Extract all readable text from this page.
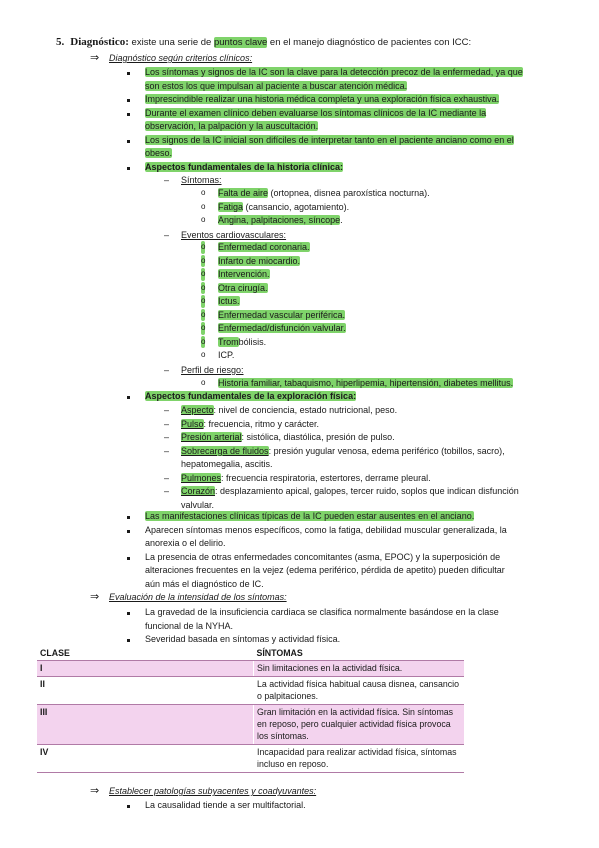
5. Diagnóstico: existe una serie de puntos clave en el manejo diagnóstico de pacientes con ICC:
⇒ Diagnóstico según criterios clínicos:
Los síntomas y signos de la IC son la clave para la detección precoz de la enfermedad, ya que
son estos los que impulsan al paciente a buscar atención médica.
Imprescindible realizar una historia médica completa y una exploración física exhaustiva.
Durante el examen clínico deben evaluarse los síntomas clínicos de la IC mediante la
observación, la palpación y la auscultación.
Los signos de la IC inicial son difíciles de interpretar tanto en el paciente anciano como en el
obeso.
Aspectos fundamentales de la historia clínica:
– Síntomas:
o Falta de aire (ortopnea, disnea paroxística nocturna).
o Fatiga (cansancio, agotamiento).
o Angina, palpitaciones, síncope.
– Eventos cardiovasculares:
o Enfermedad coronaria.
o Infarto de miocardio.
o Intervención.
o Otra cirugía.
o Ictus.
o Enfermedad vascular periférica.
o Enfermedad/disfunción valvular.
o Trombólisis.
o ICP.
– Perfil de riesgo:
o Historia familiar, tabaquismo, hiperlipemia, hipertensión, diabetes mellitus.
Aspectos fundamentales de la exploración física:
– Aspecto: nivel de conciencia, estado nutricional, peso.
– Pulso: frecuencia, ritmo y carácter.
– Presión arterial: sistólica, diastólica, presión de pulso.
– Sobrecarga de fluidos: presión yugular venosa, edema periférico (tobillos, sacro),
hepatomegalia, ascitis.
– Pulmones: frecuencia respiratoria, estertores, derrame pleural.
– Corazón: desplazamiento apical, galopes, tercer ruido, soplos que indican disfunción
valvular.
Las manifestaciones clínicas típicas de la IC pueden estar ausentes en el anciano.
Aparecen síntomas menos específicos, como la fatiga, debilidad muscular generalizada, la
anorexia o el delirio.
La presencia de otras enfermedades concomitantes (asma, EPOC) y la superposición de
alteraciones frecuentes en la vejez (edema periférico, pérdida de apetito) pueden dificultar
aún más el diagnóstico de IC.
⇒ Evaluación de la intensidad de los síntomas:
La gravedad de la insuficiencia cardiaca se clasifica normalmente basándose en la clase
funcional de la NYHA.
Severidad basada en síntomas y actividad física.
CLASE	SÍNTOMAS
I	Sin limitaciones en la actividad física.
II	La actividad física habitual causa disnea, cansancio o palpitaciones.
III	Gran limitación en la actividad física. Sin síntomas en reposo, pero cualquier actividad física provoca los síntomas.
IV	Incapacidad para realizar actividad física, síntomas incluso en reposo.
⇒ Establecer patologías subyacentes y coadyuvantes:
La causalidad tiende a ser multifactorial.
